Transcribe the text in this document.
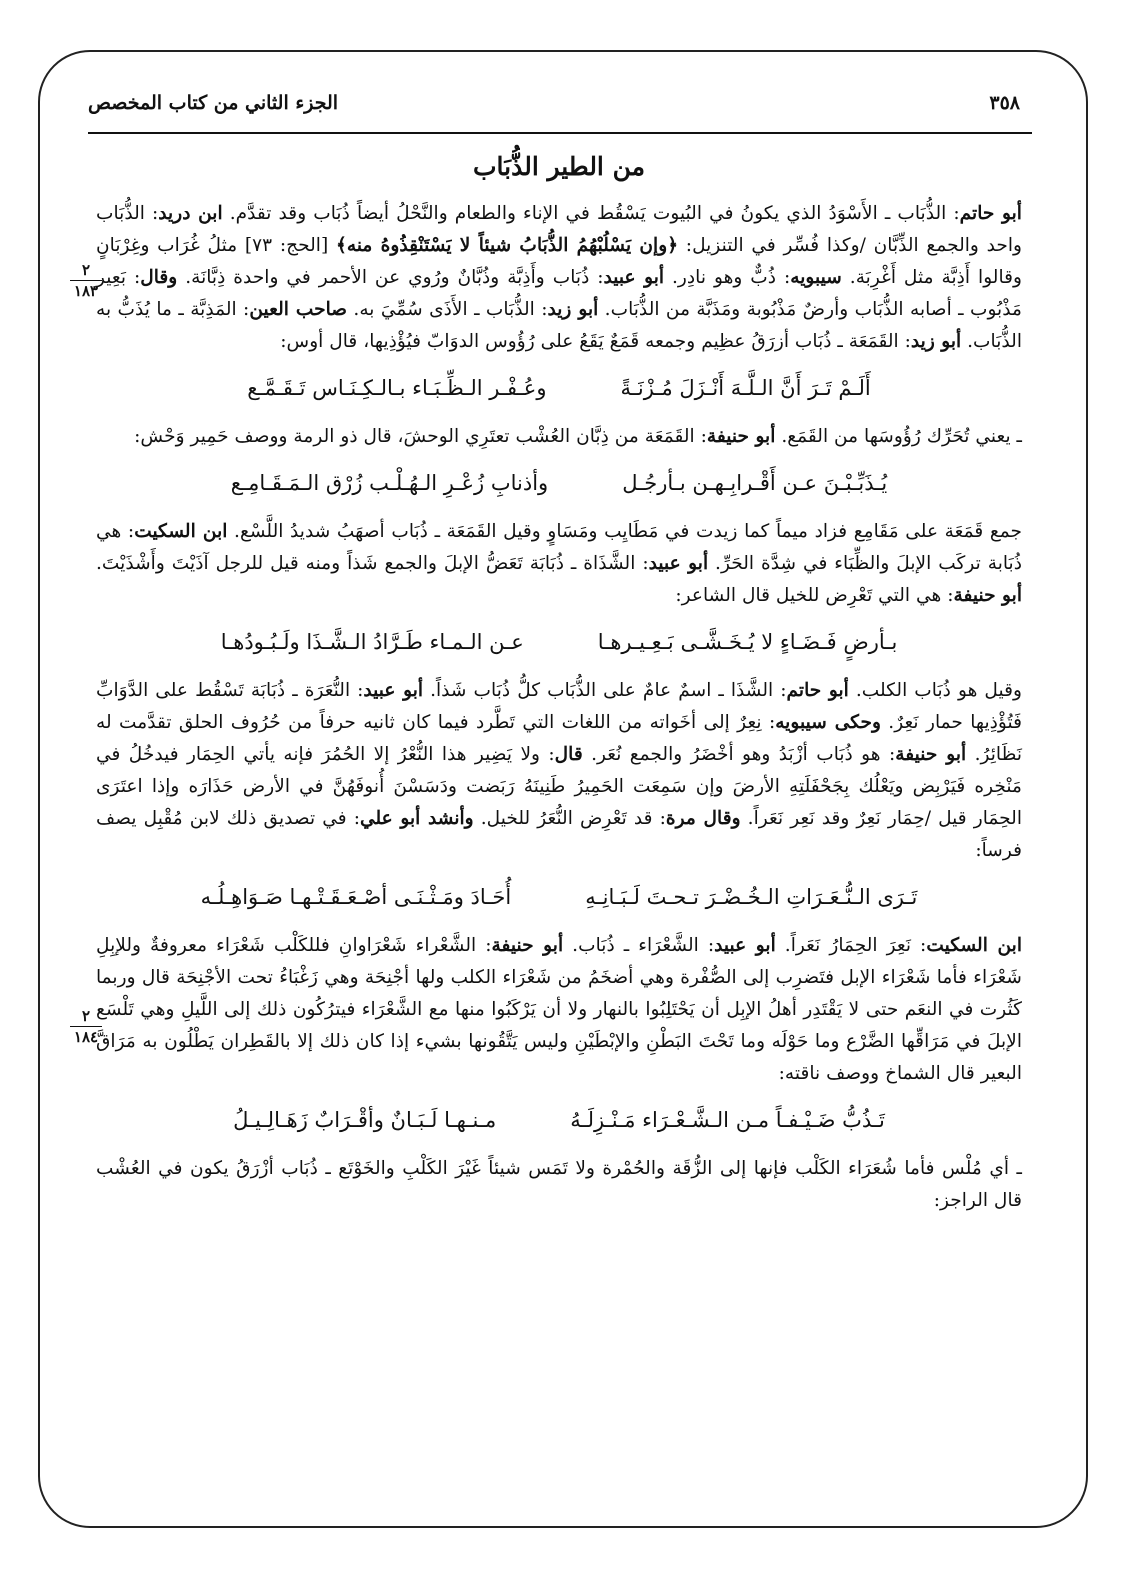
الجزء الثاني من كتاب المخصص	٣٥٨
٢
١٨٣
٢
١٨٤
من الطير الذُّبَاب

أبو حاتم: الذُّبَاب ـ الأَسْوَدُ الذي يكونُ في البُيوت يَسْقُط في الإناء والطعام والنَّحْلُ أيضاً ذُبَاب وقد تقدَّم. ابن دريد: الذُّبَاب واحد والجمع الذِّبَّان /وكذا فُسِّر في التنزيل: ﴿وإن يَسْلُبْهُمُ الذُّبَابُ شيئاً لا يَسْتَنْقِذُوهُ منه﴾ [الحج: ٧٣] مثلُ غُرَاب وغِرْبَانٍ وقالوا أَذِبَّة مثل أَغْرِبَة. سيبويه: ذُبٌّ وهو نادِر. أبو عبيد: ذُبَاب وأَذِبَّة وذُبَّانٌ ورُوي عن الأحمر في واحدة ذِبَّانَة. وقال: بَعِير مَذْبُوب ـ أصابه الذُّبَاب وأرضٌ مَذْبُوبة ومَذَبَّة من الذُّبَاب. أبو زيد: الذُّبَاب ـ الأَذَى سُمِّيَ به. صاحب العين: المَذِبَّة ـ ما يُذَبُّ به الذُّبَاب. أبو زيد: القَمَعَة ـ ذُبَاب أزرَقُ عظِيم وجمعه قَمَعٌ يَقَعُ على رُؤُوس الدوَابّ فيُؤْذِيها، قال أوس:

أَلَـمْ تَـرَ أَنَّ الـلَّـهَ أَنْـزَلَ مُـزْنَـةً
وعُـفْـر الـظِّـبَـاء بـالـكِـنَـاس تَـقَـمَّـع

ـ يعني تُحَرِّك رُؤُوسَها من القَمَع. أبو حنيفة: القَمَعَة من ذِبَّان العُشْب تعتَرِي الوحشَ، قال ذو الرمة ووصف حَمِير وَحْش:

يُـذَبِّـبْـنَ عـن أَقْـرابِـهـن بـأرجُـل
وأذنابِ زُعْـرِ الـهُـلْـب زُرْق الـمَـقَـامِـع

جمع قَمَعَة على مَقَامِع فزاد ميماً كما زيدت في مَطَايِب ومَسَاوٍ وقيل القَمَعَة ـ ذُبَاب أصهَبُ شديدُ اللَّسْع. ابن السكيت: هي ذُبَابة تركَب الإبلَ والظِّبَاء في شِدَّة الحَرِّ. أبو عبيد: الشَّذَاة ـ ذُبَابَة تَعَضُّ الإبلَ والجمع شَذاً ومنه قيل للرجل آذَيْتَ وأَشْذَيْتَ. أبو حنيفة: هي التي تَعْرِض للخيل قال الشاعر:

بـأرضٍ فَـضَـاءٍ لا يُـخَـشَّـى بَـعِـيـرهـا
عـن الـمـاء طَـرَّادُ الـشَّـذَا ولَـبُـودُهـا

وقيل هو ذُبَاب الكلب. أبو حاتم: الشَّذَا ـ اسمٌ عامٌ على الذُّبَاب كلُّ ذُبَاب شَذاً. أبو عبيد: النُّعَرَة ـ ذُبَابَة تَسْقُط على الدَّوَابِّ فَتُؤْذِيها حمار نَعِرٌ. وحكى سيبويه: نِعِرٌ إلى أخَواته من اللغات التي تَطَّرد فيما كان ثانيه حرفاً من حُرُوف الحلق تقدَّمت له نَظَائِرُ. أبو حنيفة: هو ذُبَاب أزْبَدُ وهو أخْضَرُ والجمع نُعَر. قال: ولا يَضِير هذا النُّعْرُ إلا الحُمُرَ فإنه يأتي الحِمَار فيدخُلُ في مَنْخِره فَيَرْبِض ويَعْلُك بِجَحْفَلَتِهِ الأرضَ وإن سَمِعَت الحَمِيرُ طَنِينَهُ رَبَضت ودَسَسْنَ أُنوفَهُنَّ في الأرض حَذَارَه وإذا اعتَرَى الحِمَار قيل /حِمَار نَعِرٌ وقد نَعِر نَعَراً. وقال مرة: قد تَعْرِض النُّعَرُ للخيل. وأنشد أبو علي: في تصديق ذلك لابن مُقْبِل يصف فرساً:

تَـرَى الـنُّـعَـرَاتِ الـخُـضْـرَ تـحـتَ لَـبَـانِـهِ
أُحَـادَ ومَـثْـنَـى أصْـعَـقَـتْـهـا صَـوَاهِـلُـه

ابن السكيت: نَعِرَ الحِمَارُ نَعَراً. أبو عبيد: الشَّعْرَاء ـ ذُبَاب. أبو حنيفة: الشَّعْراء شَعْرَاوانِ فللكَلْب شَعْرَاء معروفةٌ وللإبِلِ شَعْرَاء فأما شَعْرَاء الإبل فتَضرِب إلى الصُّفْرة وهي أضخَمُ من شَعْرَاء الكلب ولها أجْنِحَة وهي زَغْبَاءُ تحت الأجْنِحَة قال وربما كَثُرت في النعَم حتى لا يَقْتَدِر أهلُ الإبِل أن يَحْتَلِبُوا بالنهار ولا أن يَرْكَبُوا منها مع الشَّعْرَاء فيترُكُون ذلك إلى اللَّيلِ وهي تَلْسَع الإبلَ في مَرَاقِّها الضَّرْع وما حَوْلَه وما تَحْتَ البَطْنِ والإبْطَيْنِ وليس يَتَّقُونها بشيء إذا كان ذلك إلا بالقَطِران يَطْلُون به مَرَاقَّ البعير قال الشماخ ووصف ناقته:

تَـذُبُّ ضَـيْـفـاً مـن الـشَّـعْـرَاء مَـنْـزِلَـهُ
مـنـهـا لَـبَـانٌ وأقْـرَابٌ زَهَـالِـيـلُ

ـ أي مُلْس فأما شُعَرَاء الكَلْب فإنها إلى الزُّقَة والحُمْرة ولا تَمَس شيئاً غَيْرَ الكَلْبِ والخَوْتَع ـ ذُبَاب أزْرَقُ يكون في العُشْب قال الراجز:
